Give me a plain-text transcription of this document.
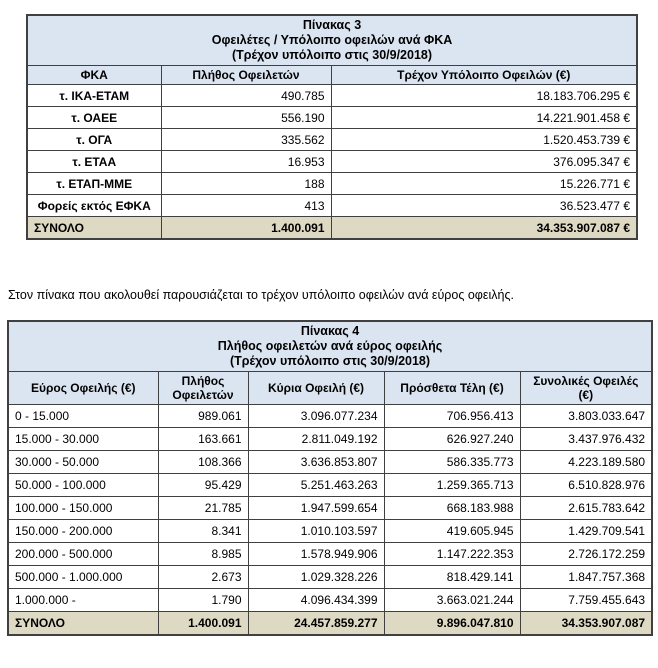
Πίνακας 3
Οφειλέτες / Υπόλοιπο οφειλών ανά ΦΚΑ
(Τρέχον υπόλοιπο στις 30/9/2018)		

ΦΚΑ	Πλήθος Οφειλετών	Τρέχον Υπόλοιπο Οφειλών (€)
τ. ΙΚΑ-ΕΤΑΜ	490.785	18.183.706.295 €
τ. ΟΑΕΕ	556.190	14.221.901.458 €
τ. ΟΓΑ	335.562	1.520.453.739 €
τ. ΕΤΑΑ	16.953	376.095.347 €
τ. ΕΤΑΠ-ΜΜΕ	188	15.226.771 €
Φορείς εκτός ΕΦΚΑ	413	36.523.477 €
ΣΥΝΟΛΟ	1.400.091	34.353.907.087 €
Στον πίνακα που ακολουθεί παρουσιάζεται το τρέχον υπόλοιπο οφειλών ανά εύρος οφειλής.
Πίνακας 4
Πλήθος οφειλετών ανά εύρος οφειλής
(Τρέχον υπόλοιπο στις 30/9/2018)				

Εύρος Οφειλής (€)	Πλήθος Οφειλετών	Κύρια Οφειλή (€)	Πρόσθετα Τέλη (€)	Συνολικές Οφειλές (€)
0 - 15.000	989.061	3.096.077.234	706.956.413	3.803.033.647
15.000 - 30.000	163.661	2.811.049.192	626.927.240	3.437.976.432
30.000 - 50.000	108.366	3.636.853.807	586.335.773	4.223.189.580
50.000 - 100.000	95.429	5.251.463.263	1.259.365.713	6.510.828.976
100.000 - 150.000	21.785	1.947.599.654	668.183.988	2.615.783.642
150.000 - 200.000	8.341	1.010.103.597	419.605.945	1.429.709.541
200.000 - 500.000	8.985	1.578.949.906	1.147.222.353	2.726.172.259
500.000 - 1.000.000	2.673	1.029.328.226	818.429.141	1.847.757.368
1.000.000 -	1.790	4.096.434.399	3.663.021.244	7.759.455.643
ΣΥΝΟΛΟ	1.400.091	24.457.859.277	9.896.047.810	34.353.907.087
